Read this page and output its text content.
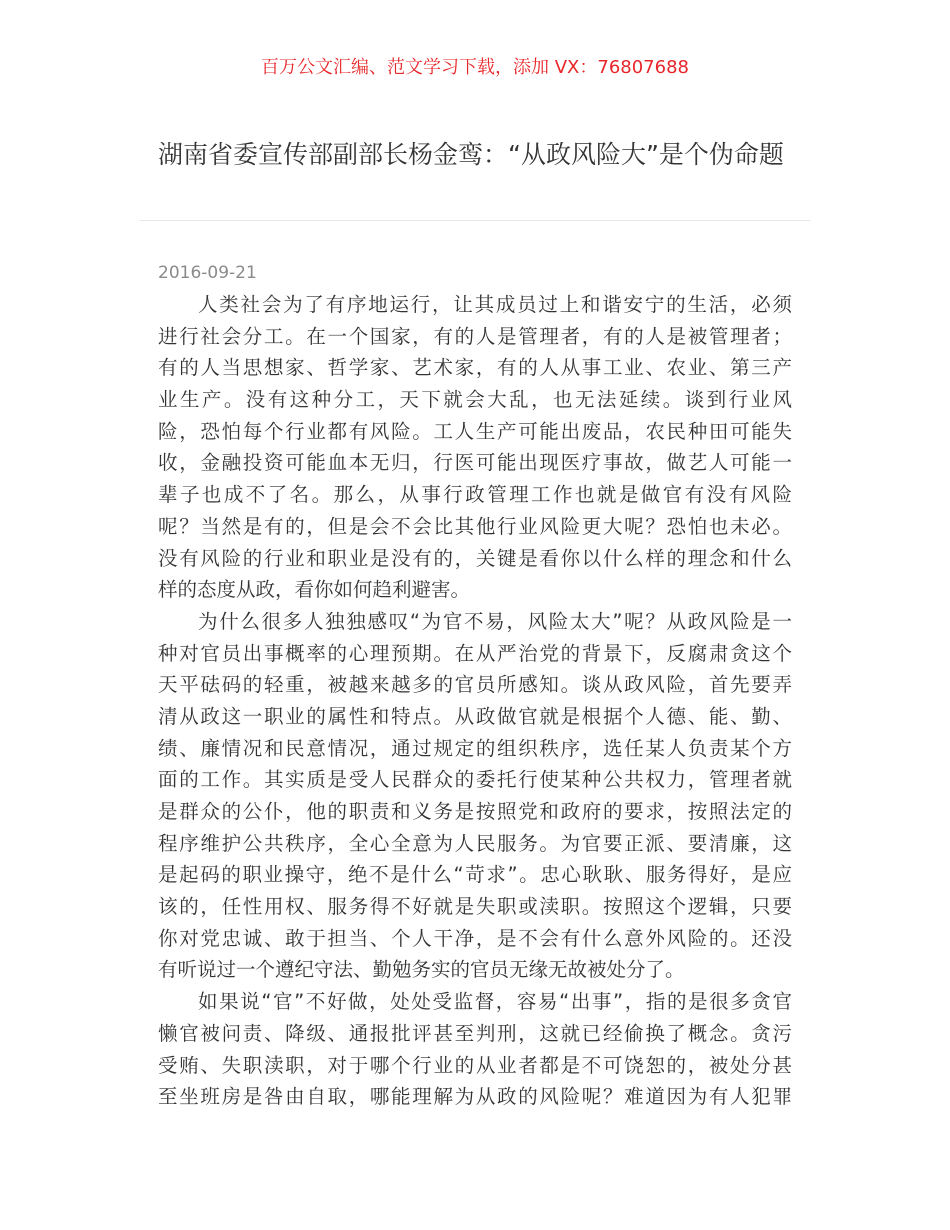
百万公文汇编、范文学习下载，添加 VX：76807688
湖南省委宣传部副部长杨金鸾：“从政风险大”是个伪命题
2016-09-21
人类社会为了有序地运行，让其成员过上和谐安宁的生活，必须
进行社会分工。在一个国家，有的人是管理者，有的人是被管理者；
有的人当思想家、哲学家、艺术家，有的人从事工业、农业、第三产
业生产。没有这种分工，天下就会大乱，也无法延续。谈到行业风
险，恐怕每个行业都有风险。工人生产可能出废品，农民种田可能失
收，金融投资可能血本无归，行医可能出现医疗事故，做艺人可能一
辈子也成不了名。那么，从事行政管理工作也就是做官有没有风险
呢？当然是有的，但是会不会比其他行业风险更大呢？恐怕也未必。
没有风险的行业和职业是没有的，关键是看你以什么样的理念和什么
样的态度从政，看你如何趋利避害。
为什么很多人独独感叹“为官不易，风险太大”呢？从政风险是一
种对官员出事概率的心理预期。在从严治党的背景下，反腐肃贪这个
天平砝码的轻重，被越来越多的官员所感知。谈从政风险，首先要弄
清从政这一职业的属性和特点。从政做官就是根据个人德、能、勤、
绩、廉情况和民意情况，通过规定的组织秩序，选任某人负责某个方
面的工作。其实质是受人民群众的委托行使某种公共权力，管理者就
是群众的公仆，他的职责和义务是按照党和政府的要求，按照法定的
程序维护公共秩序，全心全意为人民服务。为官要正派、要清廉，这
是起码的职业操守，绝不是什么“苛求”。忠心耿耿、服务得好，是应
该的，任性用权、服务得不好就是失职或渎职。按照这个逻辑，只要
你对党忠诚、敢于担当、个人干净，是不会有什么意外风险的。还没
有听说过一个遵纪守法、勤勉务实的官员无缘无故被处分了。
如果说“官”不好做，处处受监督，容易“出事”，指的是很多贪官
懒官被问责、降级、通报批评甚至判刑，这就已经偷换了概念。贪污
受贿、失职渎职，对于哪个行业的从业者都是不可饶恕的，被处分甚
至坐班房是咎由自取，哪能理解为从政的风险呢？难道因为有人犯罪
